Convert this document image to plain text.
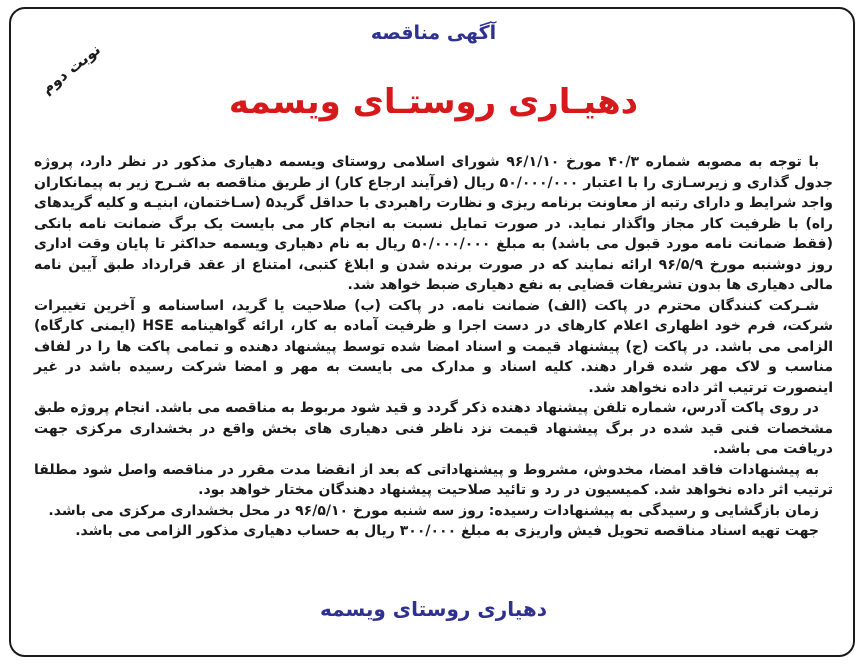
نوبت دوم
آگهی مناقصه
دهیـاری روستـای ویسمه

با توجه به مصوبه شماره ۴۰/۳ مورخ ۹۶/۱/۱۰ شورای اسلامی روستای ویسمه دهیاری مذکور در نظر دارد، پروژه جدول گذاری و زیرسـازی را با اعتبار ۵۰/۰۰۰/۰۰۰ ریال (فرآیند ارجاع کار) از طریق مناقصه به شـرح زیر به پیمانکاران واجد شرایط و دارای رتبه از معاونت برنامه ریزی و نظارت راهبردی با حداقل گرید۵ (سـاختمان، ابنیـه و کلیه گریدهای راه) با ظرفیت کار مجاز واگذار نماید. در صورت تمایل نسبت به انجام کار می بایست یک برگ ضمانت نامه بانکی (فقط ضمانت نامه مورد قبول می باشد) به مبلغ ۵۰/۰۰۰/۰۰۰ ریال به نام دهیاری ویسمه حداکثر تا پایان وقت اداری روز دوشنبه مورخ ۹۶/۵/۹ ارائه نمایند که در صورت برنده شدن و ابلاغ کتبی، امتناع از عقد قرارداد طبق آیین نامه مالی دهیاری ها بدون تشریفات قضایی به نفع دهیاری ضبط خواهد شد.

شـرکت کنندگان محترم در پاکت (الف) ضمانت نامه. در پاکت (ب) صلاحیت یا گرید، اساسنامه و آخرین تغییرات شرکت، فرم خود اظهاری اعلام کارهای در دست اجرا و ظرفیت آماده به کار، ارائه گواهینامه HSE (ایمنی کارگاه) الزامی می باشد. در پاکت (ج) پیشنهاد قیمت و اسناد امضا شده توسط پیشنهاد دهنده و تمامی پاکت ها را در لفاف مناسب و لاک مهر شده قرار دهند. کلیه اسناد و مدارک می بایست به مهر و امضا شرکت رسیده باشد در غیر اینصورت ترتیب اثر داده نخواهد شد.

در روی پاکت آدرس، شماره تلفن پیشنهاد دهنده ذکر گردد و قید شود مربوط به مناقصه می باشد. انجام پروژه طبق مشخصات فنی قید شده در برگ پیشنهاد قیمت نزد ناظر فنی دهیاری های بخش واقع در بخشداری مرکزی جهت دریافت می باشد.

به پیشنهادات فاقد امضا، مخدوش، مشروط و پیشنهاداتی که بعد از انقضا مدت مقرر در مناقصه واصل شود مطلقا ترتیب اثر داده نخواهد شد. کمیسیون در رد و تائید صلاحیت پیشنهاد دهندگان مختار خواهد بود.

زمان بازگشایی و رسیدگی به پیشنهادات رسیده: روز سه شنبه مورخ ۹۶/۵/۱۰ در محل بخشداری مرکزی می باشد.

جهت تهیه اسناد مناقصه تحویل فیش واریزی به مبلغ ۳۰۰/۰۰۰ ریال به حساب دهیاری مذکور الزامی می باشد.

دهیاری روستای ویسمه
